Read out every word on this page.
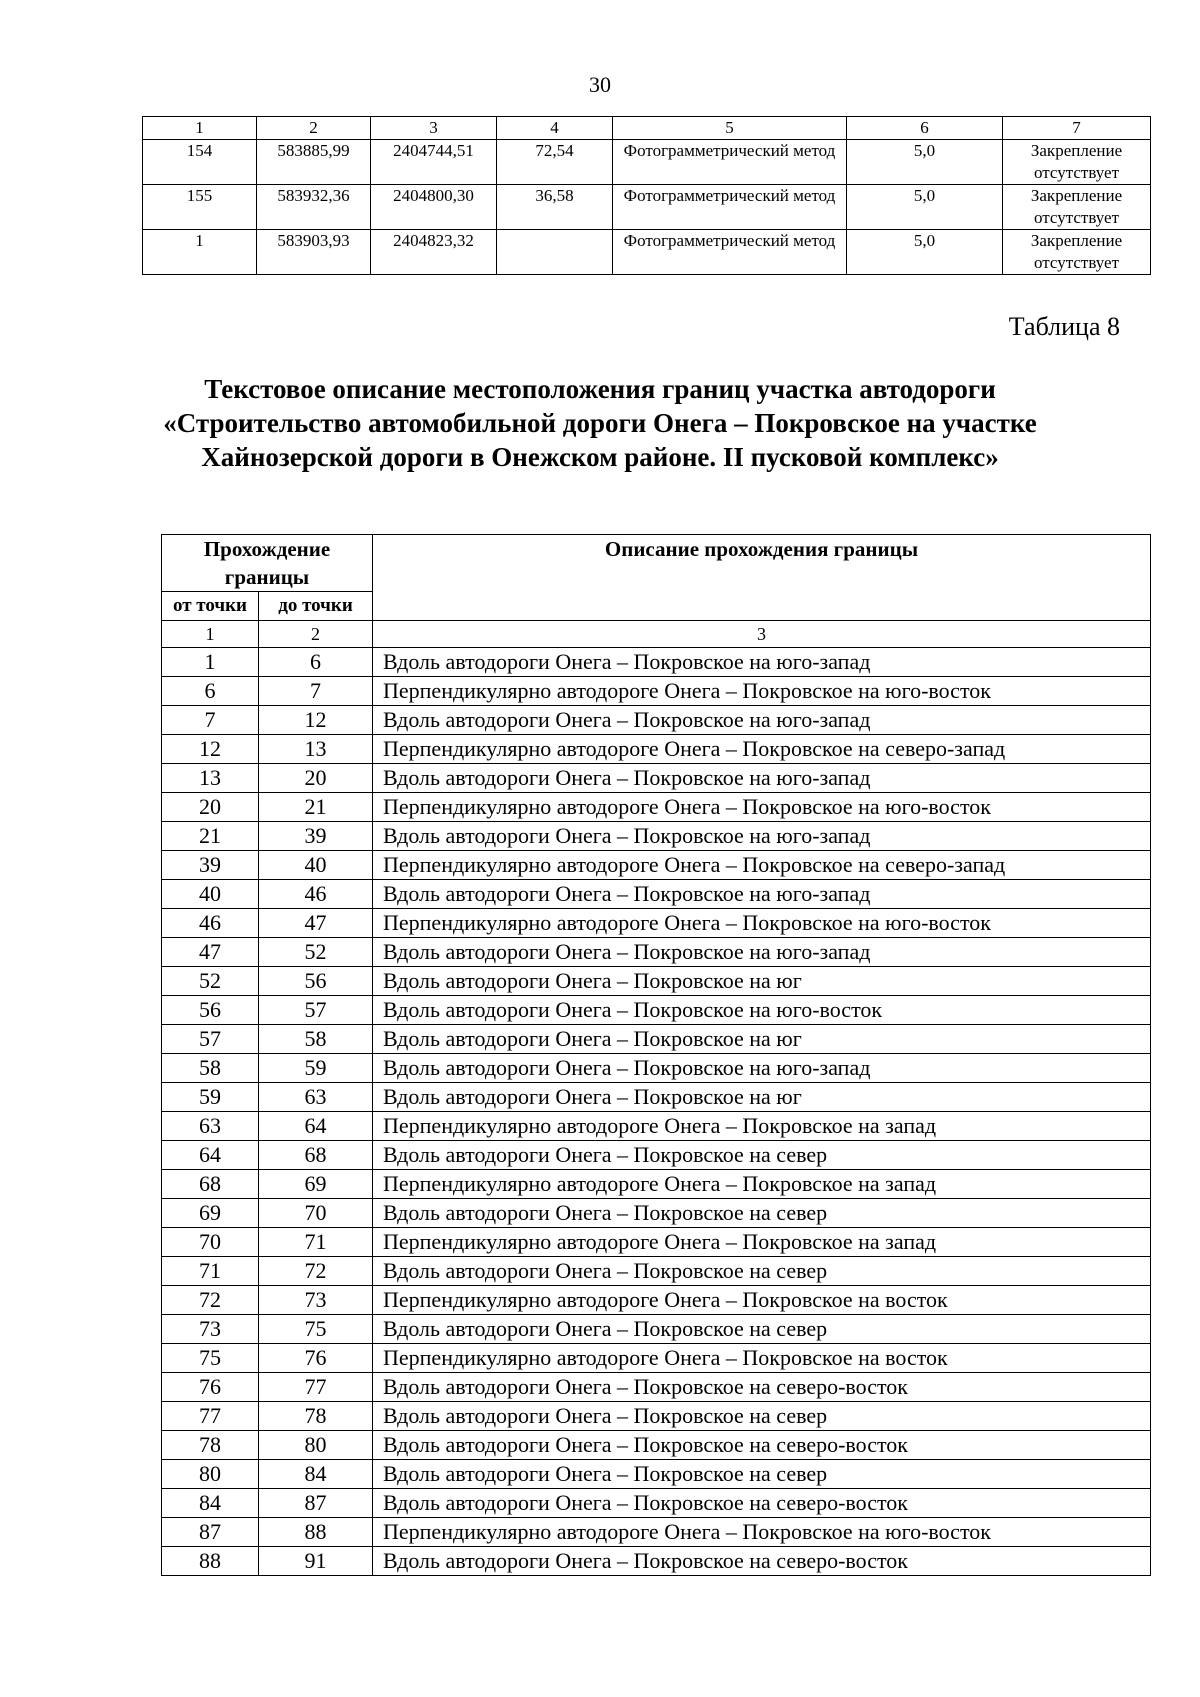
30
1	2	3	4	5	6	7
154	583885,99	2404744,51	72,54	Фотограмметрический метод	5,0	Закрепление отсутствует
155	583932,36	2404800,30	36,58	Фотограмметрический метод	5,0	Закрепление отсутствует
1	583903,93	2404823,32		Фотограмметрический метод	5,0	Закрепление отсутствует
Таблица 8
Текстовое описание местоположения границ участка автодороги
«Строительство автомобильной дороги Онега – Покровское на участке
Хайнозерской дороги в Онежском районе. II пусковой комплекс»
Прохождение границы		Описание прохождения границы
от точки	до точки	
1	2	3
1	6	Вдоль автодороги Онега – Покровское на юго-запад
6	7	Перпендикулярно автодороге Онега – Покровское на юго-восток
7	12	Вдоль автодороги Онега – Покровское на юго-запад
12	13	Перпендикулярно автодороге Онега – Покровское на северо-запад
13	20	Вдоль автодороги Онега – Покровское на юго-запад
20	21	Перпендикулярно автодороге Онега – Покровское на юго-восток
21	39	Вдоль автодороги Онега – Покровское на юго-запад
39	40	Перпендикулярно автодороге Онега – Покровское на северо-запад
40	46	Вдоль автодороги Онега – Покровское на юго-запад
46	47	Перпендикулярно автодороге Онега – Покровское на юго-восток
47	52	Вдоль автодороги Онега – Покровское на юго-запад
52	56	Вдоль автодороги Онега – Покровское на юг
56	57	Вдоль автодороги Онега – Покровское на юго-восток
57	58	Вдоль автодороги Онега – Покровское на юг
58	59	Вдоль автодороги Онега – Покровское на юго-запад
59	63	Вдоль автодороги Онега – Покровское на юг
63	64	Перпендикулярно автодороге Онега – Покровское на запад
64	68	Вдоль автодороги Онега – Покровское на север
68	69	Перпендикулярно автодороге Онега – Покровское на запад
69	70	Вдоль автодороги Онега – Покровское на север
70	71	Перпендикулярно автодороге Онега – Покровское на запад
71	72	Вдоль автодороги Онега – Покровское на север
72	73	Перпендикулярно автодороге Онега – Покровское на восток
73	75	Вдоль автодороги Онега – Покровское на север
75	76	Перпендикулярно автодороге Онега – Покровское на восток
76	77	Вдоль автодороги Онега – Покровское на северо-восток
77	78	Вдоль автодороги Онега – Покровское на север
78	80	Вдоль автодороги Онега – Покровское на северо-восток
80	84	Вдоль автодороги Онега – Покровское на север
84	87	Вдоль автодороги Онега – Покровское на северо-восток
87	88	Перпендикулярно автодороге Онега – Покровское на юго-восток
88	91	Вдоль автодороги Онега – Покровское на северо-восток
